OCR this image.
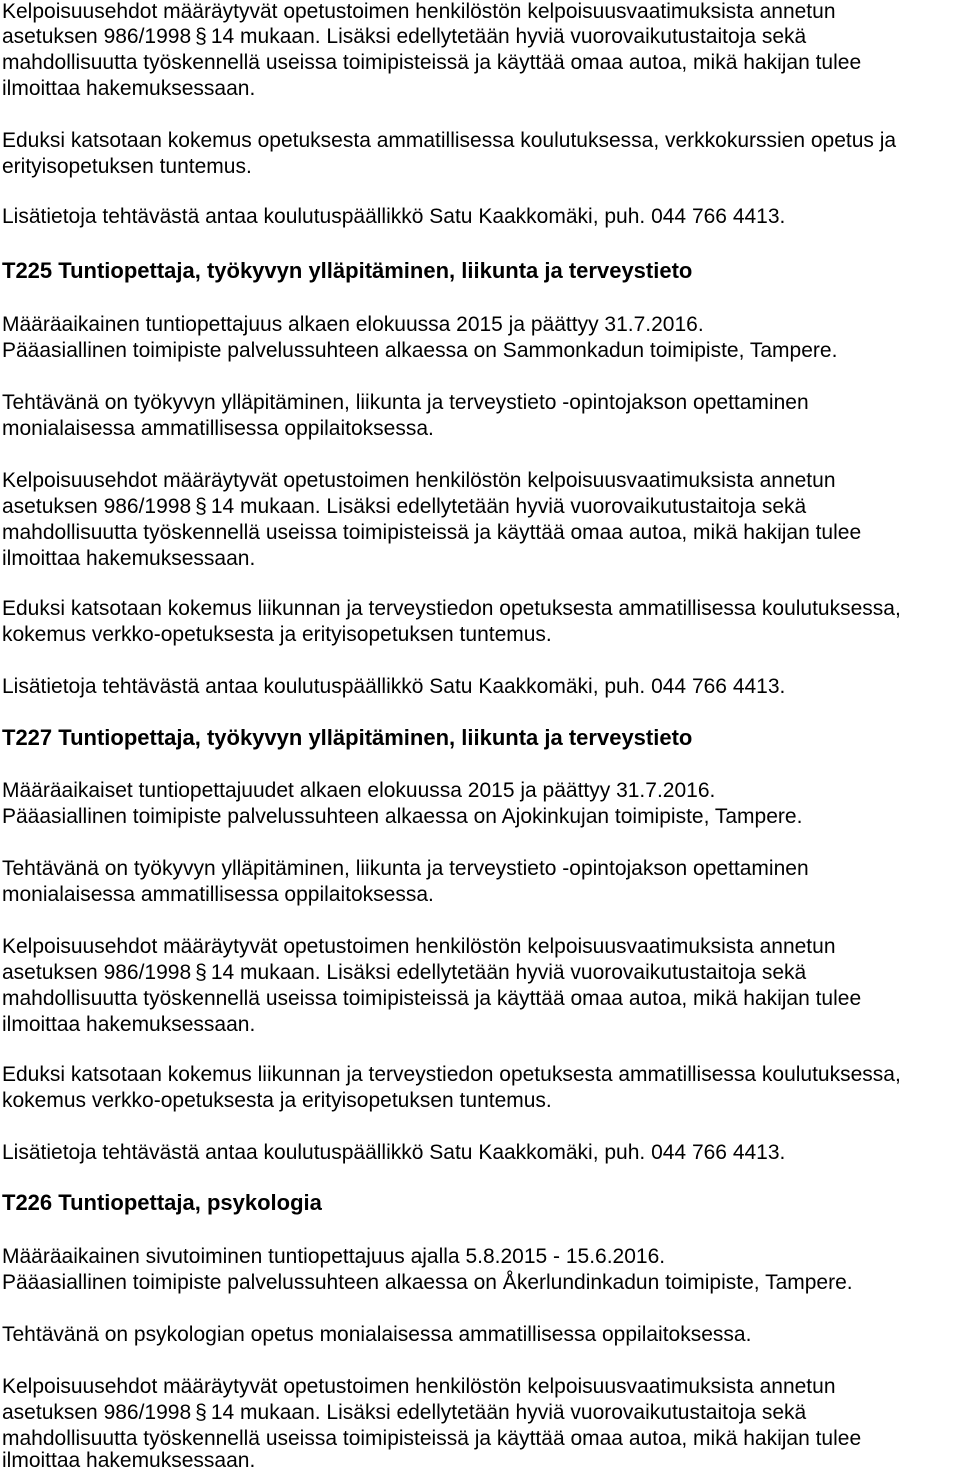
Kelpoisuusehdot määräytyvät opetustoimen henkilöstön kelpoisuusvaatimuksista annetun
asetuksen 986/1998 § 14 mukaan. Lisäksi edellytetään hyviä vuorovaikutustaitoja sekä
mahdollisuutta työskennellä useissa toimipisteissä ja käyttää omaa autoa, mikä hakijan tulee
ilmoittaa hakemuksessaan.
Eduksi katsotaan kokemus opetuksesta ammatillisessa koulutuksessa, verkkokurssien opetus ja
erityisopetuksen tuntemus.
Lisätietoja tehtävästä antaa koulutuspäällikkö Satu Kaakkomäki, puh. 044 766 4413.
T225 Tuntiopettaja, työkyvyn ylläpitäminen, liikunta ja terveystieto
Määräaikainen tuntiopettajuus alkaen elokuussa 2015 ja päättyy 31.7.2016.
Pääasiallinen toimipiste palvelussuhteen alkaessa on Sammonkadun toimipiste, Tampere.
Tehtävänä on työkyvyn ylläpitäminen, liikunta ja terveystieto -opintojakson opettaminen
monialaisessa ammatillisessa oppilaitoksessa.
Kelpoisuusehdot määräytyvät opetustoimen henkilöstön kelpoisuusvaatimuksista annetun
asetuksen 986/1998 § 14 mukaan. Lisäksi edellytetään hyviä vuorovaikutustaitoja sekä
mahdollisuutta työskennellä useissa toimipisteissä ja käyttää omaa autoa, mikä hakijan tulee
ilmoittaa hakemuksessaan.
Eduksi katsotaan kokemus liikunnan ja terveystiedon opetuksesta ammatillisessa koulutuksessa,
kokemus verkko-opetuksesta ja erityisopetuksen tuntemus.
Lisätietoja tehtävästä antaa koulutuspäällikkö Satu Kaakkomäki, puh. 044 766 4413.
T227 Tuntiopettaja, työkyvyn ylläpitäminen, liikunta ja terveystieto
Määräaikaiset tuntiopettajuudet alkaen elokuussa 2015 ja päättyy 31.7.2016.
Pääasiallinen toimipiste palvelussuhteen alkaessa on Ajokinkujan toimipiste, Tampere.
Tehtävänä on työkyvyn ylläpitäminen, liikunta ja terveystieto -opintojakson opettaminen
monialaisessa ammatillisessa oppilaitoksessa.
Kelpoisuusehdot määräytyvät opetustoimen henkilöstön kelpoisuusvaatimuksista annetun
asetuksen 986/1998 § 14 mukaan. Lisäksi edellytetään hyviä vuorovaikutustaitoja sekä
mahdollisuutta työskennellä useissa toimipisteissä ja käyttää omaa autoa, mikä hakijan tulee
ilmoittaa hakemuksessaan.
Eduksi katsotaan kokemus liikunnan ja terveystiedon opetuksesta ammatillisessa koulutuksessa,
kokemus verkko-opetuksesta ja erityisopetuksen tuntemus.
Lisätietoja tehtävästä antaa koulutuspäällikkö Satu Kaakkomäki, puh. 044 766 4413.
T226 Tuntiopettaja, psykologia
Määräaikainen sivutoiminen tuntiopettajuus ajalla 5.8.2015 - 15.6.2016.
Pääasiallinen toimipiste palvelussuhteen alkaessa on Åkerlundinkadun toimipiste, Tampere.
Tehtävänä on psykologian opetus monialaisessa ammatillisessa oppilaitoksessa.
Kelpoisuusehdot määräytyvät opetustoimen henkilöstön kelpoisuusvaatimuksista annetun
asetuksen 986/1998 § 14 mukaan. Lisäksi edellytetään hyviä vuorovaikutustaitoja sekä
mahdollisuutta työskennellä useissa toimipisteissä ja käyttää omaa autoa, mikä hakijan tulee
ilmoittaa hakemuksessaan.
